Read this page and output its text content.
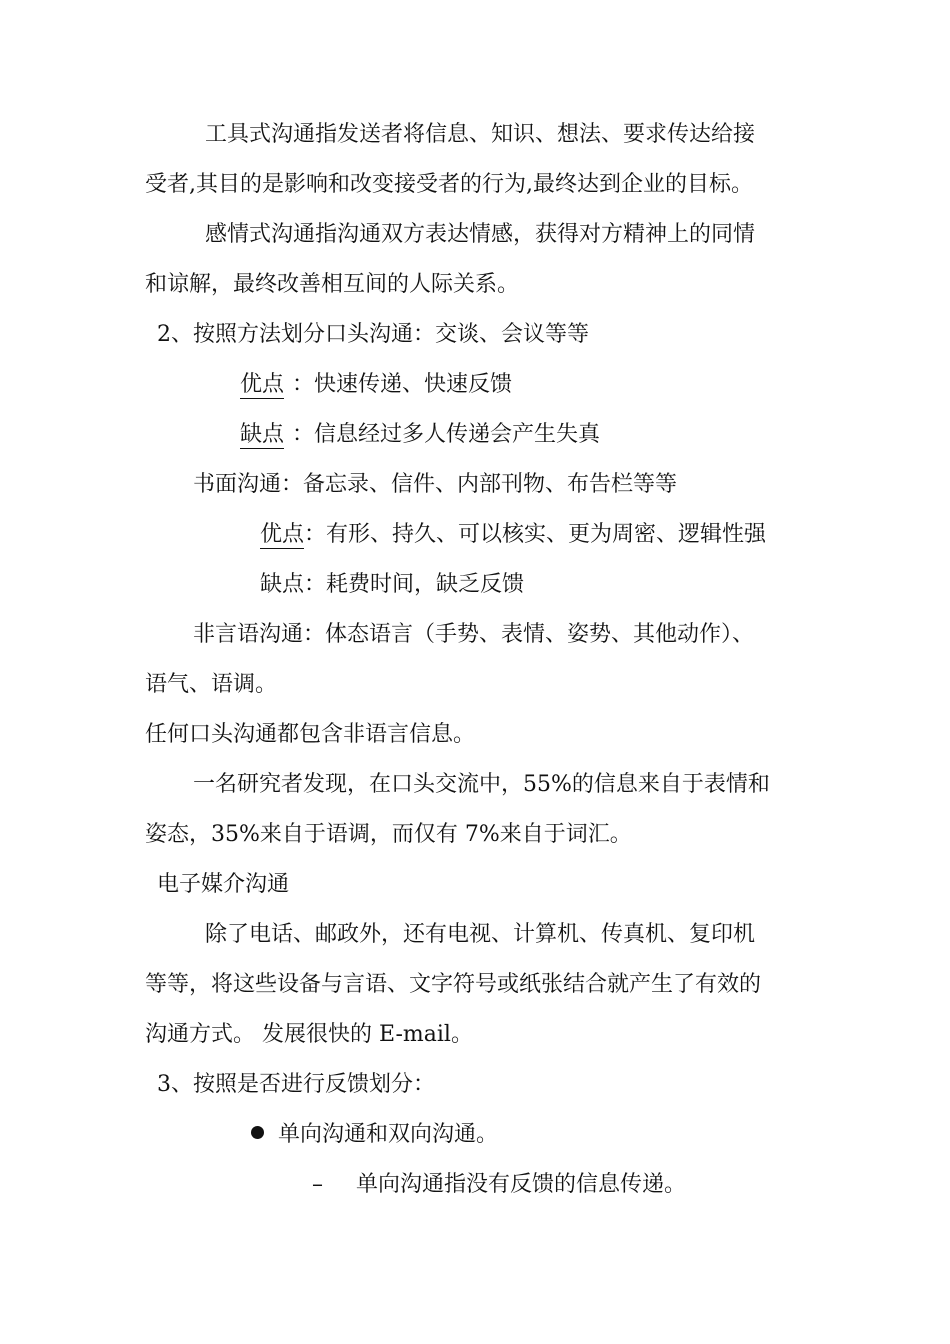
工具式沟通指发送者将信息、知识、想法、要求传达给接
受者,其目的是影响和改变接受者的行为,最终达到企业的目标。
感情式沟通指沟通双方表达情感，获得对方精神上的同情
和谅解，最终改善相互间的人际关系。
2、按照方法划分口头沟通：交谈、会议等等
优点 ：快速传递、快速反馈
缺点 ：信息经过多人传递会产生失真
书面沟通：备忘录、信件、内部刊物、布告栏等等
优点：有形、持久、可以核实、更为周密、逻辑性强
缺点：耗费时间，缺乏反馈
非言语沟通：体态语言（手势、表情、姿势、其他动作）、
语气、语调。
任何口头沟通都包含非语言信息。
一名研究者发现，在口头交流中，55%的信息来自于表情和
姿态，35%来自于语调，而仅有 7%来自于词汇。
电子媒介沟通
除了电话、邮政外，还有电视、计算机、传真机、复印机
等等，将这些设备与言语、文字符号或纸张结合就产生了有效的
沟通方式。 发展很快的 E-mail。
3、按照是否进行反馈划分：
单向沟通和双向沟通。
– 单向沟通指没有反馈的信息传递。
